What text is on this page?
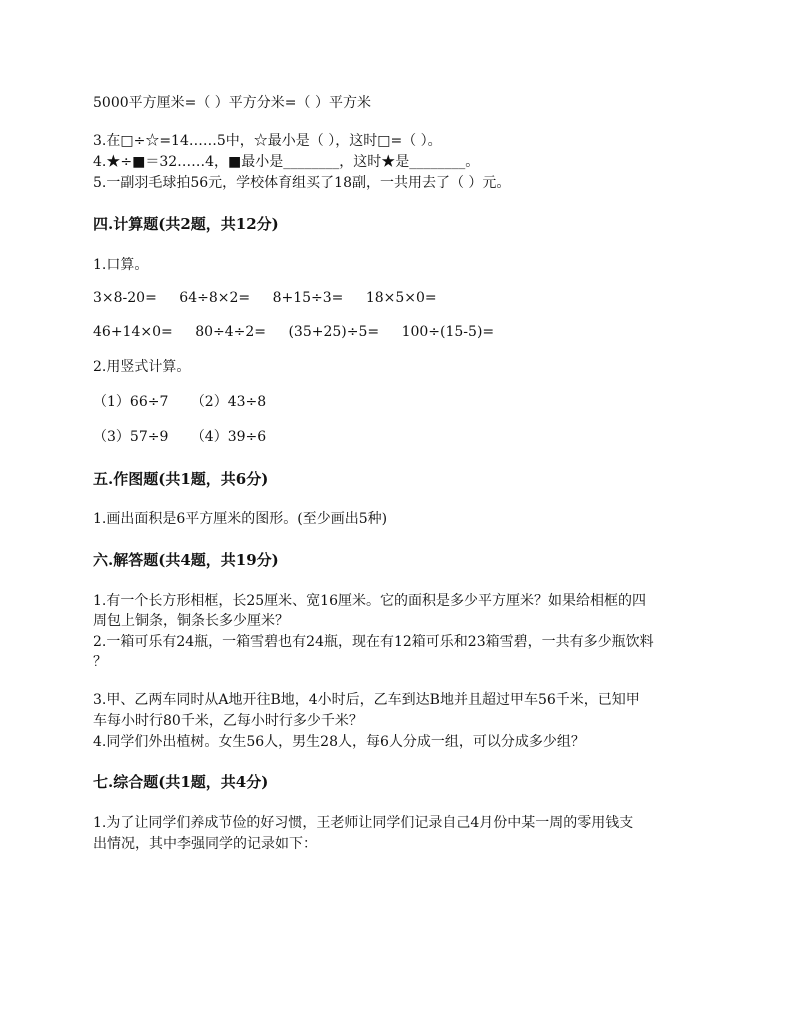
5000平方厘米=（ ）平方分米=（ ）平方米
3.在□÷☆=14……5中，☆最小是（ ），这时□=（ ）。
4.★÷■＝32……4，■最小是________，这时★是________。
5.一副羽毛球拍56元，学校体育组买了18副，一共用去了（ ）元。
四.计算题(共2题，共12分)
1.口算。
3×8-20= 64÷8×2= 8+15÷3= 18×5×0=
46+14×0= 80÷4÷2= (35+25)÷5= 100÷(15-5)=
2.用竖式计算。
（1）66÷7 （2）43÷8
（3）57÷9 （4）39÷6
五.作图题(共1题，共6分)
1.画出面积是6平方厘米的图形。(至少画出5种)
六.解答题(共4题，共19分)
1.有一个长方形相框，长25厘米、宽16厘米。它的面积是多少平方厘米？如果给相框的四
周包上铜条，铜条长多少厘米？
2.一箱可乐有24瓶，一箱雪碧也有24瓶，现在有12箱可乐和23箱雪碧，一共有多少瓶饮料
？
3.甲、乙两车同时从A地开往B地，4小时后，乙车到达B地并且超过甲车56千米，已知甲
车每小时行80千米，乙每小时行多少千米？
4.同学们外出植树。女生56人，男生28人，每6人分成一组，可以分成多少组？
七.综合题(共1题，共4分)
1.为了让同学们养成节俭的好习惯，王老师让同学们记录自己4月份中某一周的零用钱支
出情况，其中李强同学的记录如下：
